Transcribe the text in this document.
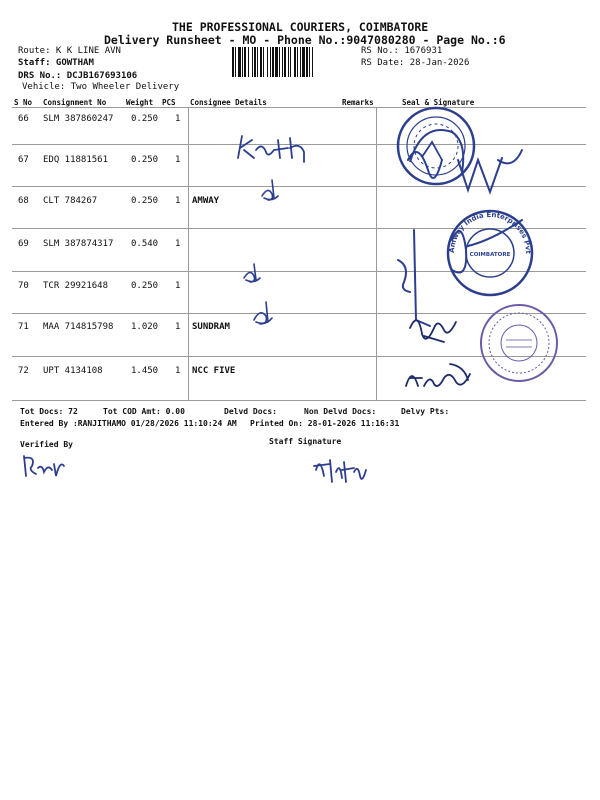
THE PROFESSIONAL COURIERS, COIMBATORE
Delivery Runsheet - MO - Phone No.:9047080280 - Page No.:6
Route: K K LINE AVN
Staff: GOWTHAM
DRS No.: DCJB167693106
Vehicle: Two Wheeler Delivery
RS No.: 1676931
RS Date: 28-Jan-2026
S No Consignment No	Weight PCS Consignee Details	Remarks	Seal & Signature
66 SLM 387860247 0.250 1
67 EDQ 11881561	0.250 1
68 CLT 784267	0.250 1 AMWAY
69 SLM 387874317 0.540 1
70 TCR 29921648	0.250 1
71 MAA 714815798 1.020 1 SUNDRAM
72 UPT 4134108	1.450 1 NCC FIVE
Tot Docs: 72	Tot COD Amt: 0.00	Delvd Docs:	Non Delvd Docs:	Delvy Pts:
Entered By :RANJITHAMO 01/28/2026 11:10:24 AM Printed On: 28-01-2026 11:16:31
Verified By	Staff Signature
Amway India Enterprises Pvt. Ltd.
COIMBATORE
